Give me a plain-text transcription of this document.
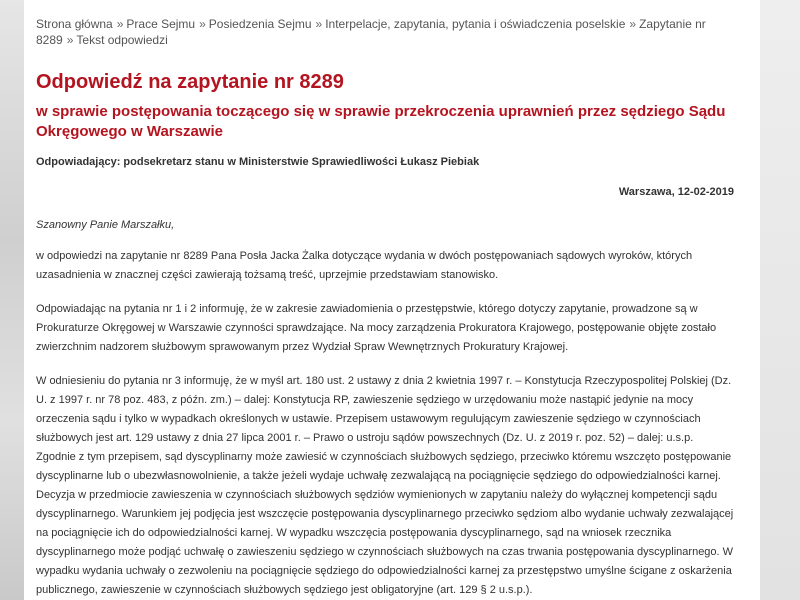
Strona główna » Prace Sejmu » Posiedzenia Sejmu » Interpelacje, zapytania, pytania i oświadczenia poselskie » Zapytanie nr 8289 » Tekst odpowiedzi
Odpowiedź na zapytanie nr 8289
w sprawie postępowania toczącego się w sprawie przekroczenia uprawnień przez sędziego Sądu Okręgowego w Warszawie
Odpowiadający: podsekretarz stanu w Ministerstwie Sprawiedliwości Łukasz Piebiak
Warszawa, 12-02-2019

Szanowny Panie Marszałku,

w odpowiedzi na zapytanie nr 8289 Pana Posła Jacka Żalka dotyczące wydania w dwóch postępowaniach sądowych wyroków, których uzasadnienia w znacznej części zawierają tożsamą treść, uprzejmie przedstawiam stanowisko.

Odpowiadając na pytania nr 1 i 2 informuję, że w zakresie zawiadomienia o przestępstwie, którego dotyczy zapytanie, prowadzone są w Prokuraturze Okręgowej w Warszawie czynności sprawdzające. Na mocy zarządzenia Prokuratora Krajowego, postępowanie objęte zostało zwierzchnim nadzorem służbowym sprawowanym przez Wydział Spraw Wewnętrznych Prokuratury Krajowej.

W odniesieniu do pytania nr 3 informuję, że w myśl art. 180 ust. 2 ustawy z dnia 2 kwietnia 1997 r. – Konstytucja Rzeczypospolitej Polskiej (Dz. U. z 1997 r. nr 78 poz. 483, z późn. zm.) – dalej: Konstytucja RP, zawieszenie sędziego w urzędowaniu może nastąpić jedynie na mocy orzeczenia sądu i tylko w wypadkach określonych w ustawie. Przepisem ustawowym regulującym zawieszenie sędziego w czynnościach służbowych jest art. 129 ustawy z dnia 27 lipca 2001 r. – Prawo o ustroju sądów powszechnych (Dz. U. z 2019 r. poz. 52) – dalej: u.s.p. Zgodnie z tym przepisem, sąd dyscyplinarny może zawiesić w czynnościach służbowych sędziego, przeciwko któremu wszczęto postępowanie dyscyplinarne lub o ubezwłasnowolnienie, a także jeżeli wydaje uchwałę zezwalającą na pociągnięcie sędziego do odpowiedzialności karnej. Decyzja w przedmiocie zawieszenia w czynnościach służbowych sędziów wymienionych w zapytaniu należy do wyłącznej kompetencji sądu dyscyplinarnego. Warunkiem jej podjęcia jest wszczęcie postępowania dyscyplinarnego przeciwko sędziom albo wydanie uchwały zezwalającej na pociągnięcie ich do odpowiedzialności karnej. W wypadku wszczęcia postępowania dyscyplinarnego, sąd na wniosek rzecznika dyscyplinarnego może podjąć uchwałę o zawieszeniu sędziego w czynnościach służbowych na czas trwania postępowania dyscyplinarnego. W wypadku wydania uchwały o zezwoleniu na pociągnięcie sędziego do odpowiedzialności karnej za przestępstwo umyślne ścigane z oskarżenia publicznego, zawieszenie w czynnościach służbowych sędziego jest obligatoryjne (art. 129 § 2 u.s.p.).
